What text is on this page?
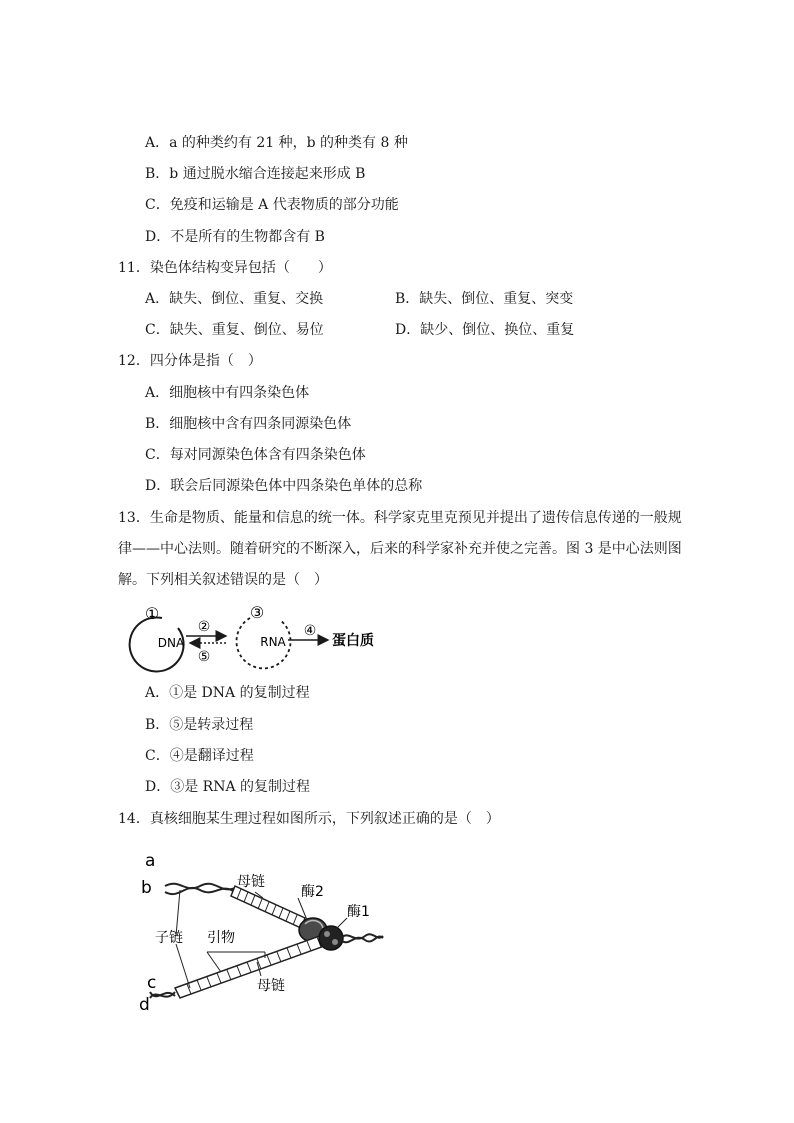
A．a 的种类约有 21 种，b 的种类有 8 种
B．b 通过脱水缩合连接起来形成 B
C．免疫和运输是 A 代表物质的部分功能
D．不是所有的生物都含有 B
11．染色体结构变异包括（　　）
A．缺失、倒位、重复、交换	B．缺失、倒位、重复、突变
C．缺失、重复、倒位、易位	D．缺少、倒位、换位、重复
12．四分体是指（　）
A．细胞核中有四条染色体
B．细胞核中含有四条同源染色体
C．每对同源染色体含有四条染色体
D．联会后同源染色体中四条染色单体的总称
13．生命是物质、能量和信息的统一体。科学家克里克预见并提出了遗传信息传递的一般规
律——中心法则。随着研究的不断深入，后来的科学家补充并使之完善。图 3 是中心法则图
解。下列相关叙述错误的是（　）
①
DNA
②
⑤
③
RNA
④
蛋白质
A．①是 DNA 的复制过程
B．⑤是转录过程
C．④是翻译过程
D．③是 RNA 的复制过程
14．真核细胞某生理过程如图所示，下列叙述正确的是（　）
a
b	母链
酶2
酶1
子链 引物
c
d
母链
